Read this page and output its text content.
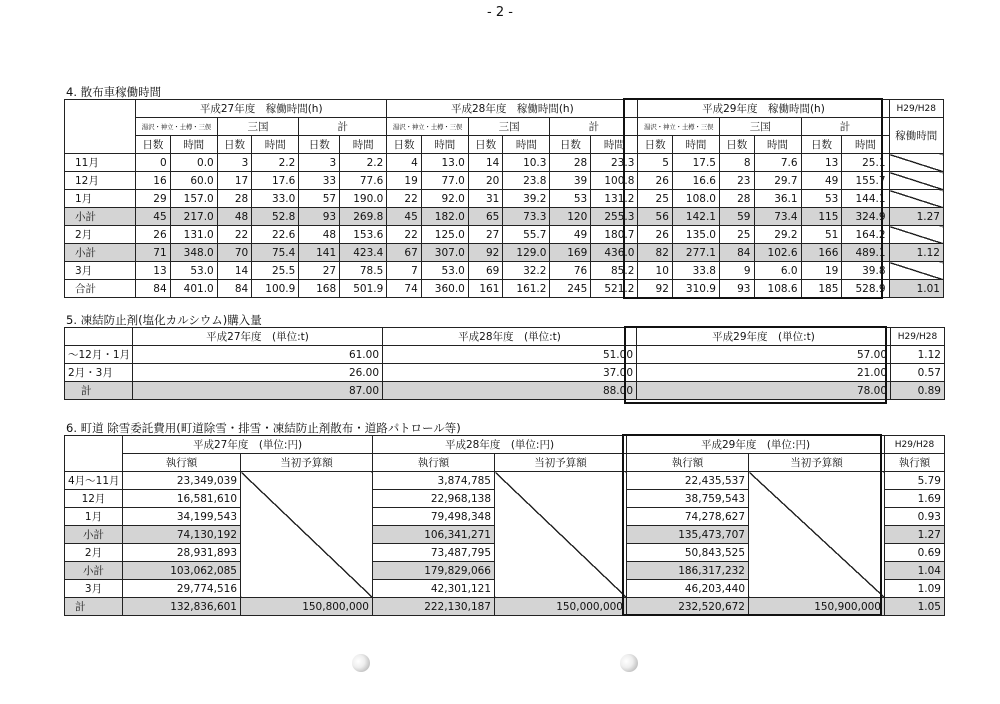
- 2 -
4. 散布車稼働時間
	平成27年度　稼働時間(h)						平成28年度　稼働時間(h)						平成29年度　稼働時間(h)						H29/H28
	湯沢・神立・土樽・三俣		三国		計		湯沢・神立・土樽・三俣		三国		計		湯沢・神立・土樽・三俣		三国		計		稼働時間
	日数	時間	日数	時間	日数	時間	日数	時間	日数	時間	日数	時間	日数	時間	日数	時間	日数	時間	
11月	0	0.0	3	2.2	3	2.2	4	13.0	14	10.3	28	23.3	5	17.5	8	7.6	13	25.1	
12月	16	60.0	17	17.6	33	77.6	19	77.0	20	23.8	39	100.8	26	16.6	23	29.7	49	155.7	
1月	29	157.0	28	33.0	57	190.0	22	92.0	31	39.2	53	131.2	25	108.0	28	36.1	53	144.1	
小計	45	217.0	48	52.8	93	269.8	45	182.0	65	73.3	120	255.3	56	142.1	59	73.4	115	324.9	1.27
2月	26	131.0	22	22.6	48	153.6	22	125.0	27	55.7	49	180.7	26	135.0	25	29.2	51	164.2	
小計	71	348.0	70	75.4	141	423.4	67	307.0	92	129.0	169	436.0	82	277.1	84	102.6	166	489.1	1.12
3月	13	53.0	14	25.5	27	78.5	7	53.0	69	32.2	76	85.2	10	33.8	9	6.0	19	39.8	
合計	84	401.0	84	100.9	168	501.9	74	360.0	161	161.2	245	521.2	92	310.9	93	108.6	185	528.9	1.01
5. 凍結防止剤(塩化カルシウム)購入量
	平成27年度　(単位:t)	平成28年度　(単位:t)	平成29年度　(単位:t)	H29/H28
～12月・1月	61.00	51.00	57.00	1.12
2月・3月	26.00	37.00	21.00	0.57
計	87.00	88.00	78.00	0.89
6. 町道 除雪委託費用(町道除雪・排雪・凍結防止剤散布・道路パトロール等)
	平成27年度　(単位:円)		平成28年度　(単位:円)		平成29年度　(単位:円)		H29/H28
	執行額	当初予算額	執行額	当初予算額	執行額	当初予算額	執行額
4月～11月	23,349,039		3,874,785		22,435,537		5.79
12月	16,581,610		22,968,138		38,759,543		1.69
1月	34,199,543		79,498,348		74,278,627		0.93
小計	74,130,192		106,341,271		135,473,707		1.27
2月	28,931,893		73,487,795		50,843,525		0.69
小計	103,062,085		179,829,066		186,317,232		1.04
3月	29,774,516		42,301,121		46,203,440		1.09
計	132,836,601	150,800,000	222,130,187	150,000,000	232,520,672	150,900,000	1.05
